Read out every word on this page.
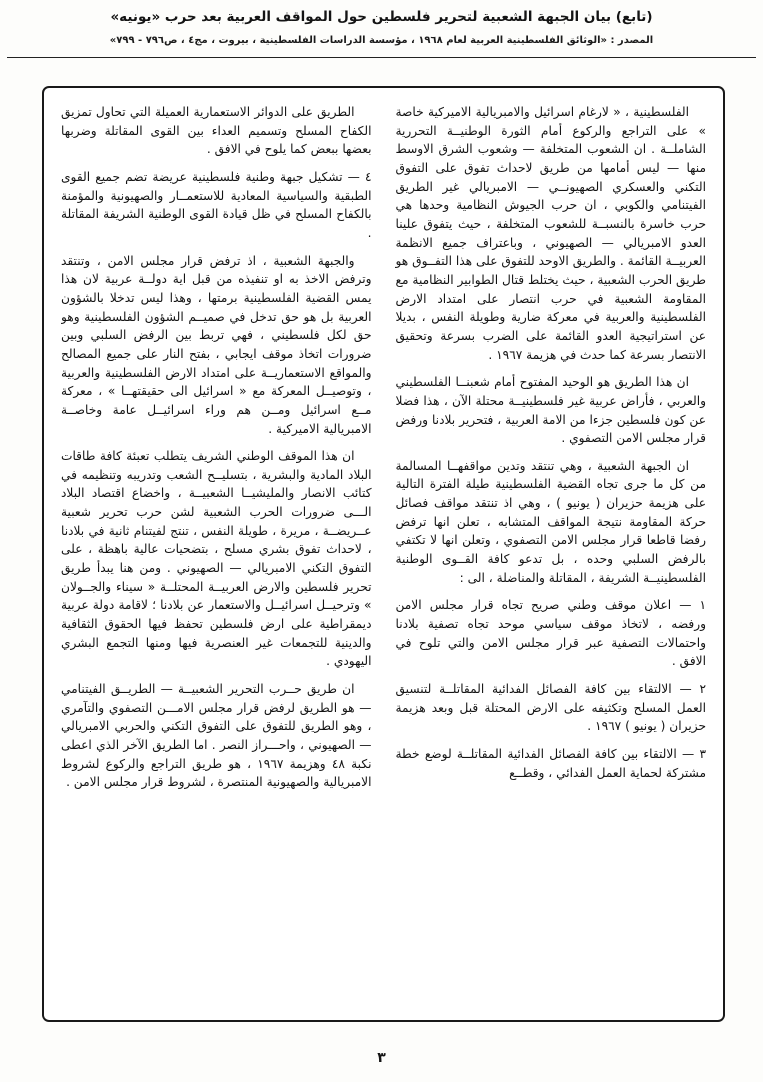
(تابع) بيان الجبهة الشعبية لتحرير فلسطين حول المواقف العربية بعد حرب «يونيه»
المصدر : «الوثائق الفلسطينية العربية لعام ١٩٦٨ ، مؤسسة الدراسات الفلسطينية ، بيروت ، مج٤ ، ص٧٩٦ - ٧٩٩»

الفلسطينية ، « لارغام اسرائيل والامبريالية الاميركية خاصة » على التراجع والركوع أمام الثورة الوطنيــة التحررية الشاملــة . ان الشعوب المتخلفة — وشعوب الشرق الاوسط منها — ليس أمامها من طريق لاحداث تفوق على التفوق التكني والعسكري الصهيونــي — الامبريالي غير الطريق الفيتنامي والكوبي ، ان حرب الجيوش النظامية وحدها هي حرب خاسرة بالنسبــة للشعوب المتخلفة ، حيث يتفوق علينا العدو الامبريالي — الصهيوني ، وباعتراف جميع الانظمة العربيــة القائمة . والطريق الاوحد للتفوق على هذا التفــوق هو طريق الحرب الشعبية ، حيث يختلط قتال الطوابير النظامية مع المقاومة الشعبية في حرب انتصار على امتداد الارض الفلسطينية والعربية في معركة ضارية وطويلة النفس ، بديلا عن استراتيجية العدو القائمة على الضرب بسرعة وتحقيق الانتصار بسرعة كما حدث في هزيمة ١٩٦٧ .

ان هذا الطريق هو الوحيد المفتوح أمام شعبنــا الفلسطيني والعربي ، فأراض عربية غير فلسطينيــة محتلة الآن ، هذا فضلا عن كون فلسطين جزءا من الامة العربية ، فتحرير بلادنا ورفض قرار مجلس الامن التصفوي .

ان الجبهة الشعبية ، وهي تنتقد وتدين مواقفهــا المسالمة من كل ما جرى تجاه القضية الفلسطينية طيلة الفترة التالية على هزيمة حزيران ( يونيو ) ، وهي اذ تنتقد مواقف فصائل حركة المقاومة نتيجة المواقف المتشابه ، تعلن انها ترفض رفضا قاطعا قرار مجلس الامن التصفوي ، وتعلن انها لا تكتفي بالرفض السلبي وحده ، بل تدعو كافة القــوى الوطنية الفلسطينيــة الشريفة ، المقاتلة والمناضلة ، الى :

١ — اعلان موقف وطني صريح تجاه قرار مجلس الامن ورفضه ، لاتخاذ موقف سياسي موحد تجاه تصفية بلادنا واحتمالات التصفية عبر قرار مجلس الامن والتي تلوح في الافق .

٢ — الالتقاء بين كافة الفصائل الفدائية المقاتلــة لتنسيق العمل المسلح وتكثيفه على الارض المحتلة قبل وبعد هزيمة حزيران ( يونيو ) ١٩٦٧ .

٣ — الالتقاء بين كافة الفصائل الفدائية المقاتلــة لوضع خطة مشتركة لحماية العمل الفدائي ، وقطــع

الطريق على الدوائر الاستعمارية العميلة التي تحاول تمزيق الكفاح المسلح وتسميم العداء بين القوى المقاتلة وضربها بعضها ببعض كما يلوح في الافق .

٤ — تشكيل جبهة وطنية فلسطينية عريضة تضم جميع القوى الطبقية والسياسية المعادية للاستعمــار والصهيونية والمؤمنة بالكفاح المسلح في ظل قيادة القوى الوطنية الشريفة المقاتلة .

والجبهة الشعبية ، اذ ترفض قرار مجلس الامن ، وتنتقد وترفض الاخذ به او تنفيذه من قبل اية دولــة عربية لان هذا يمس القضية الفلسطينية برمتها ، وهذا ليس تدخلا بالشؤون العربية بل هو حق تدخل في صميــم الشؤون الفلسطينية وهو حق لكل فلسطيني ، فهي تربط بين الرفض السلبي وبين ضرورات اتخاذ موقف ايجابي ، بفتح النار على جميع المصالح والمواقع الاستعماريــة على امتداد الارض الفلسطينية والعربية ، وتوصيــل المعركة مع « اسرائيل الى حقيقتهــا » ، معركة مــع اسرائيل ومــن هم وراء اسرائيــل عامة وخاصــة الامبريالية الاميركية .

ان هذا الموقف الوطني الشريف يتطلب تعبئة كافة طاقات البلاد المادية والبشرية ، بتسليــح الشعب وتدريبه وتنظيمه في كتائب الانصار والمليشيــا الشعبيــة ، واخضاع اقتصاد البلاد الـــى ضرورات الحرب الشعبية لشن حرب تحرير شعبية عــريضــة ، مريرة ، طويلة النفس ، تنتج لفيتنام ثانية في بلادنا ، لاحداث تفوق بشري مسلح ، بتضحيات عالية باهظة ، على التفوق التكني الامبريالي — الصهيوني . ومن هنا يبدأ طريق تحرير فلسطين والارض العربيــة المحتلــة « سيناء والجــولان » وترحيــل اسرائيــل والاستعمار عن بلادنا ؛ لاقامة دولة عربية ديمقراطية على ارض فلسطين تحفظ فيها الحقوق الثقافية والدينية للتجمعات غير العنصرية فيها ومنها التجمع البشري اليهودي .

ان طريق حــرب التحرير الشعبيــة — الطريــق الفيتنامي — هو الطريق لرفض قرار مجلس الامـــن التصفوي والتآمري ، وهو الطريق للتفوق على التفوق التكني والحربي الامبريالي — الصهيوني ، واحـــراز النصر . اما الطريق الآخر الذي اعطى نكبة ٤٨ وهزيمة ١٩٦٧ ، هو طريق التراجع والركوع لشروط الامبريالية والصهيونية المنتصرة ، لشروط قرار مجلس الامن .

٣
